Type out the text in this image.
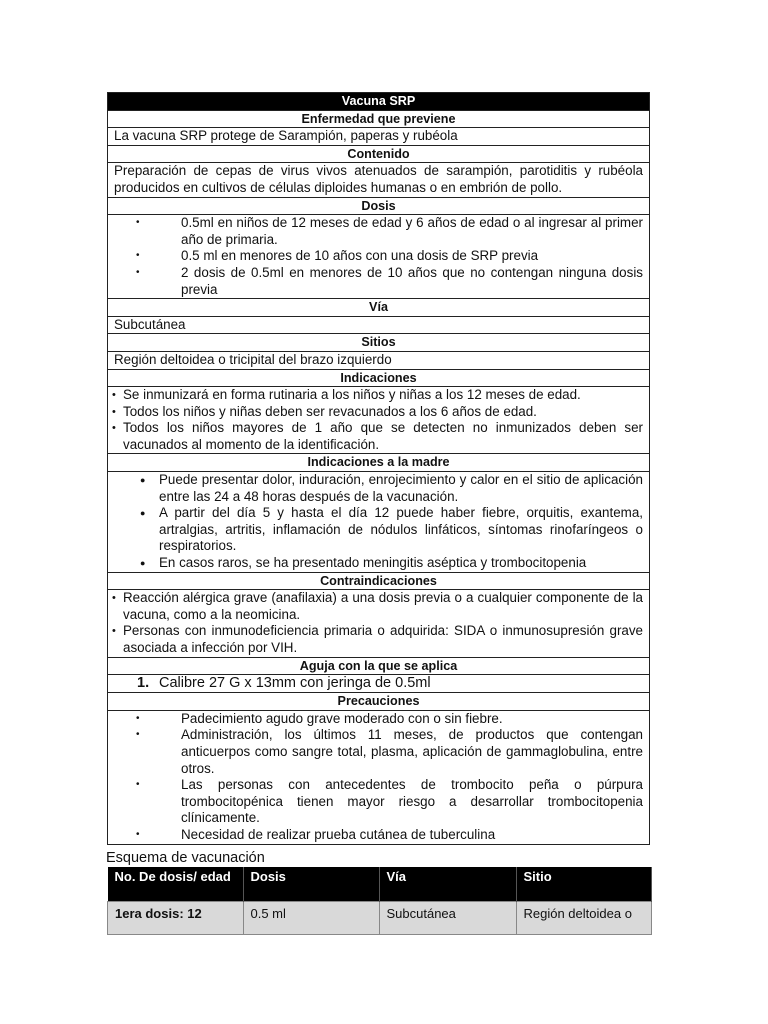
Vacuna SRP
Enfermedad que previene
La vacuna SRP protege de Sarampión, paperas y rubéola
Contenido
Preparación de cepas de virus vivos atenuados de sarampión, parotiditis y rubéola producidos en cultivos de células diploides humanas o en embrión de pollo.
Dosis

• 0.5ml en niños de 12 meses de edad y 6 años de edad o al ingresar al primer año de primaria.
• 0.5 ml en menores de 10 años con una dosis de SRP previa
• 2 dosis de 0.5ml en menores de 10 años que no contengan ninguna dosis previa

Vía
Subcutánea
Sitios
Región deltoidea o tricipital del brazo izquierdo
Indicaciones

• Se inmunizará en forma rutinaria a los niños y niñas a los 12 meses de edad.
• Todos los niños y niñas deben ser revacunados a los 6 años de edad.
• Todos los niños mayores de 1 año que se detecten no inmunizados deben ser vacunados al momento de la identificación.

Indicaciones a la madre

● Puede presentar dolor, induración, enrojecimiento y calor en el sitio de aplicación entre las 24 a 48 horas después de la vacunación.
● A partir del día 5 y hasta el día 12 puede haber fiebre, orquitis, exantema, artralgias, artritis, inflamación de nódulos linfáticos, síntomas rinofaríngeos o respiratorios.
● En casos raros, se ha presentado meningitis aséptica y trombocitopenia

Contraindicaciones

• Reacción alérgica grave (anafilaxia) a una dosis previa o a cualquier componente de la vacuna, como a la neomicina.
• Personas con inmunodeficiencia primaria o adquirida: SIDA o inmunosupresión grave asociada a infección por VIH.

Aguja con la que se aplica

1. Calibre 27 G x 13mm con jeringa de 0.5ml

Precauciones

• Padecimiento agudo grave moderado con o sin fiebre.
• Administración, los últimos 11 meses, de productos que contengan anticuerpos como sangre total, plasma, aplicación de gammaglobulina, entre otros.
• Las personas con antecedentes de trombocito peña o púrpura trombocitopénica tienen mayor riesgo a desarrollar trombocitopenia clínicamente.
• Necesidad de realizar prueba cutánea de tuberculina
Esquema de vacunación
No. De dosis/ edad	Dosis	Vía	Sitio
1era dosis: 12	0.5 ml	Subcutánea	Región deltoidea o
